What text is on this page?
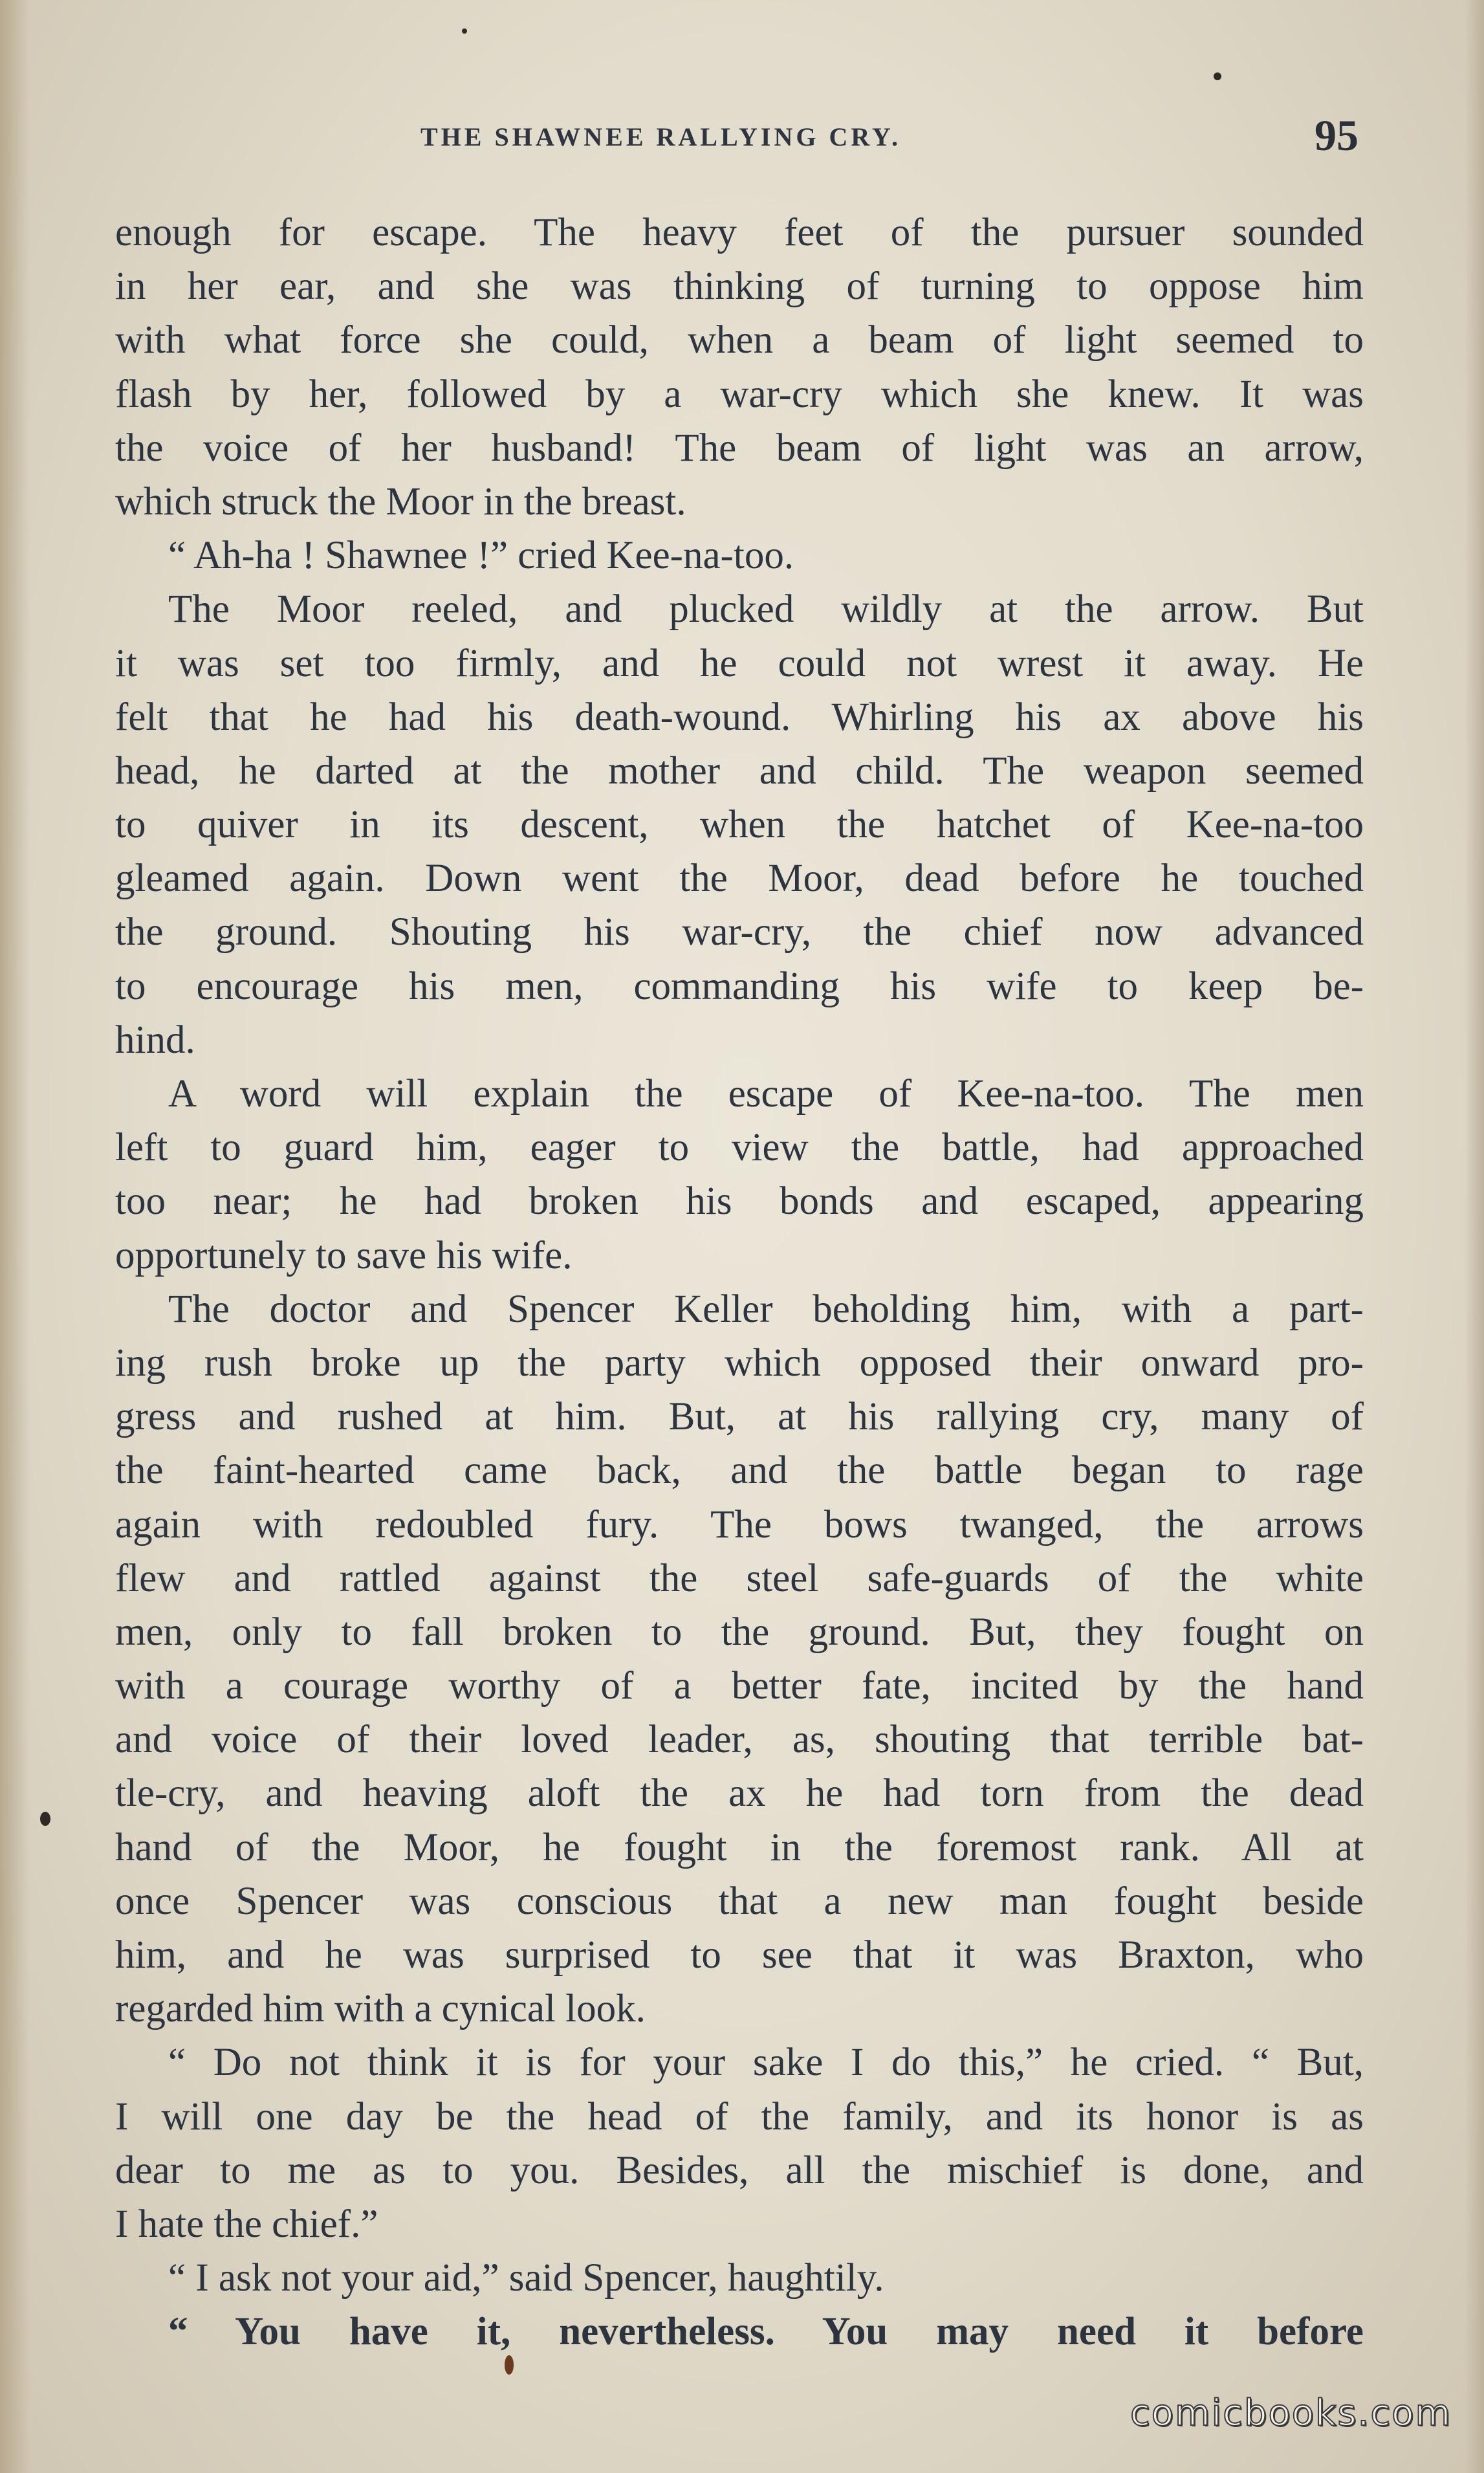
THE SHAWNEE RALLYING CRY.	95
enough for escape. The heavy feet of the pursuer sounded
in her ear, and she was thinking of turning to oppose him
with what force she could, when a beam of light seemed to
flash by her, followed by a war-cry which she knew. It was
the voice of her husband! The beam of light was an arrow,
which struck the Moor in the breast.
“ Ah-ha ! Shawnee !” cried Kee-na-too.
The Moor reeled, and plucked wildly at the arrow. But
it was set too firmly, and he could not wrest it away. He
felt that he had his death-wound. Whirling his ax above his
head, he darted at the mother and child. The weapon seemed
to quiver in its descent, when the hatchet of Kee-na-too
gleamed again. Down went the Moor, dead before he touched
the ground. Shouting his war-cry, the chief now advanced
to encourage his men, commanding his wife to keep be-
hind.
A word will explain the escape of Kee-na-too. The men
left to guard him, eager to view the battle, had approached
too near; he had broken his bonds and escaped, appearing
opportunely to save his wife.
The doctor and Spencer Keller beholding him, with a part-
ing rush broke up the party which opposed their onward pro-
gress and rushed at him. But, at his rallying cry, many of
the faint-hearted came back, and the battle began to rage
again with redoubled fury. The bows twanged, the arrows
flew and rattled against the steel safe-guards of the white
men, only to fall broken to the ground. But, they fought on
with a courage worthy of a better fate, incited by the hand
and voice of their loved leader, as, shouting that terrible bat-
tle-cry, and heaving aloft the ax he had torn from the dead
hand of the Moor, he fought in the foremost rank. All at
once Spencer was conscious that a new man fought beside
him, and he was surprised to see that it was Braxton, who
regarded him with a cynical look.
“ Do not think it is for your sake I do this,” he cried. “ But,
I will one day be the head of the family, and its honor is as
dear to me as to you. Besides, all the mischief is done, and
I hate the chief.”
“ I ask not your aid,” said Spencer, haughtily.
“ You have it, nevertheless. You may need it before
comicbooks.com
